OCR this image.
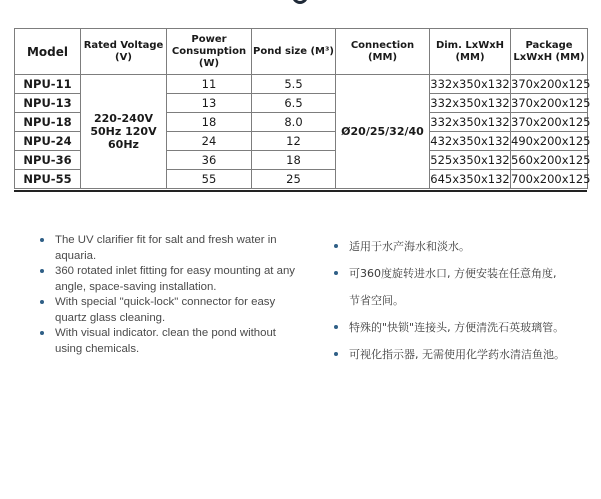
Model	Rated Voltage (V)	Power Consumption (W)	Pond size (M³)	Connection (MM)	Dim. LxWxH (MM)	Package LxWxH (MM)
NPU-11	220-240V 50Hz 120V 60Hz	11	5.5	Ø20/25/32/40	332x350x132	370x200x125
NPU-13		13	6.5		332x350x132	370x200x125
NPU-18		18	8.0		332x350x132	370x200x125
NPU-24		24	12		432x350x132	490x200x125
NPU-36		36	18		525x350x132	560x200x125
NPU-55		55	25		645x350x132	700x200x125
The UV clarifier fit for salt and fresh water in aquaria.
360 rotated inlet fitting for easy mounting at any angle, space-saving installation.
With special "quick-lock" connector for easy quartz glass cleaning.
With visual indicator. clean the pond without using chemicals.
适用于水产海水和淡水。
可360度旋转进水口, 方便安装在任意角度,
节省空间。
特殊的"快锁"连接头, 方便清洗石英玻璃管。
可视化指示器, 无需使用化学药水清洁鱼池。
